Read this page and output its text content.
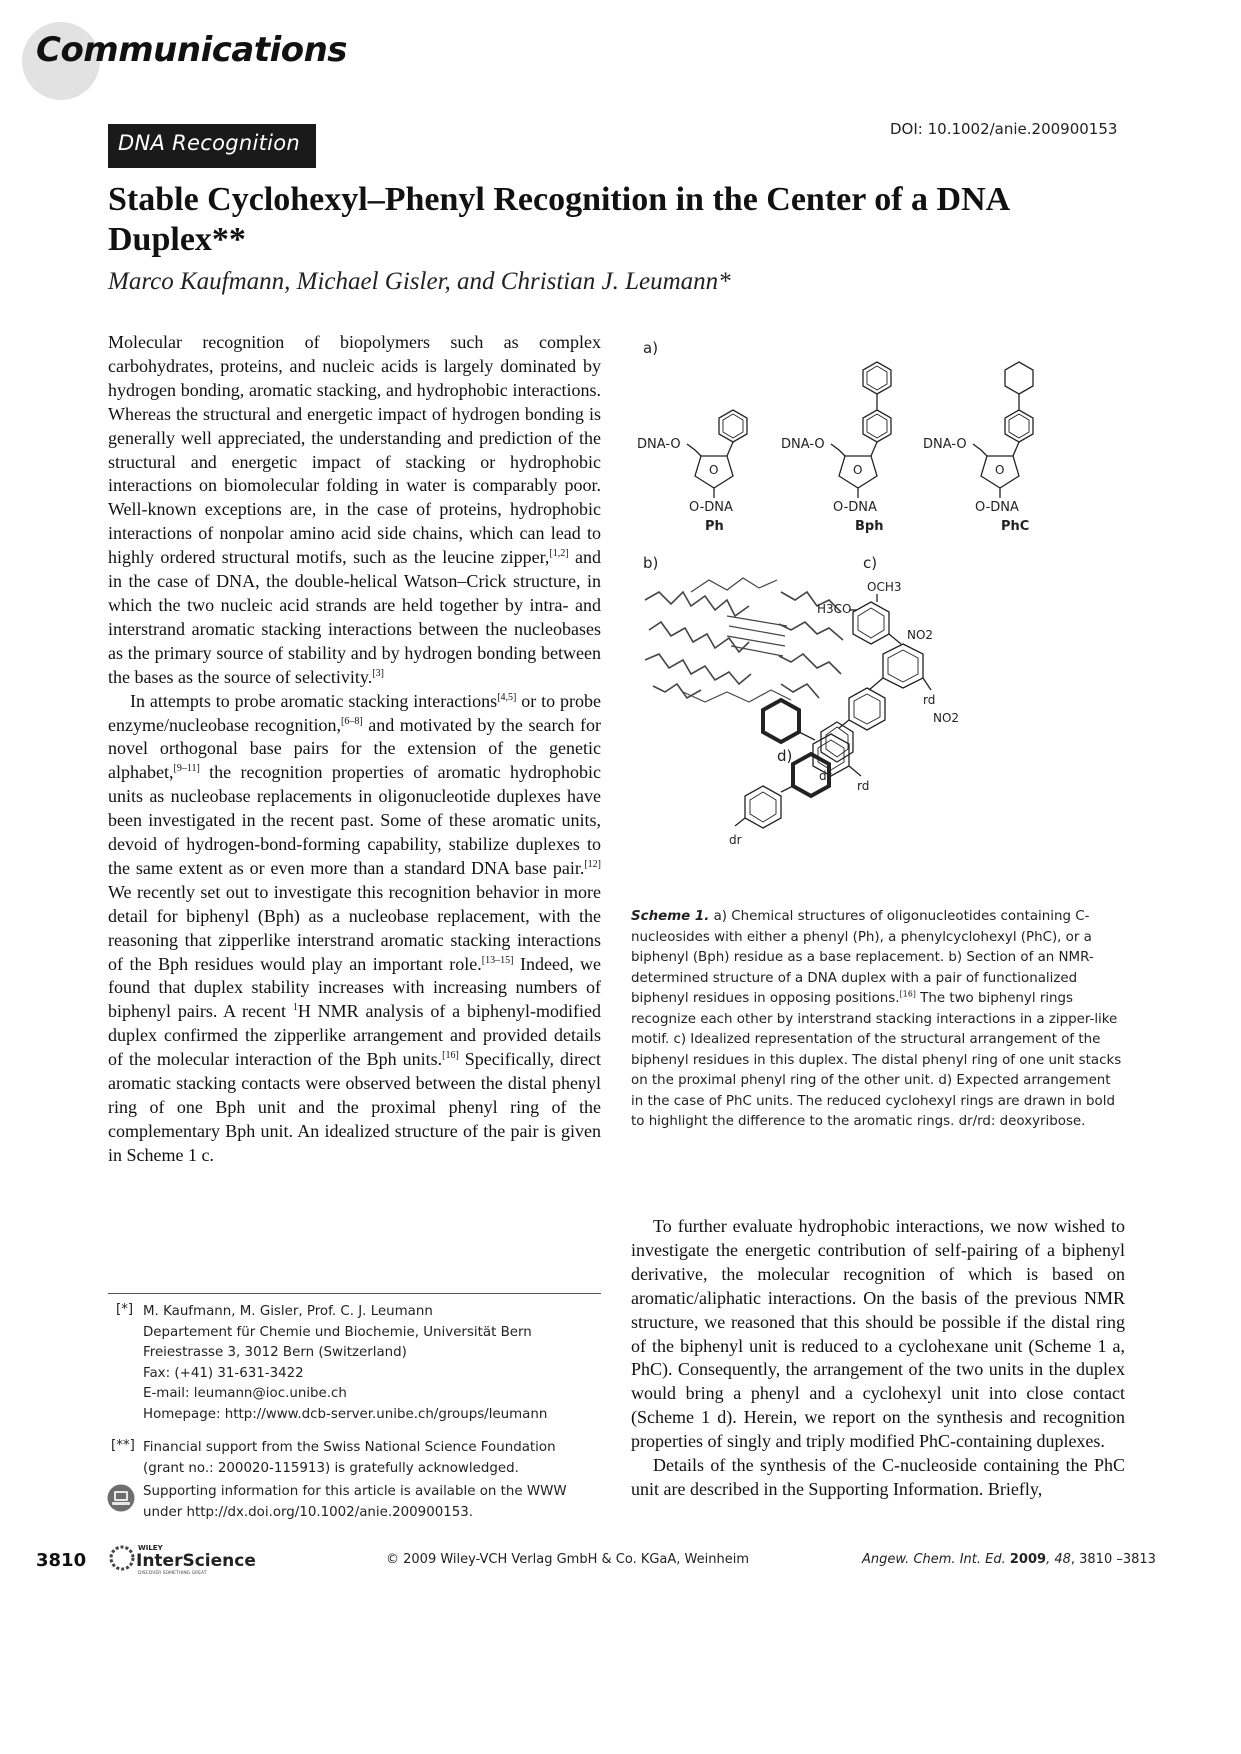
Communications
DNA Recognition
DOI: 10.1002/anie.200900153
Stable Cyclohexyl–Phenyl Recognition in the Center of a DNA Duplex**
Marco Kaufmann, Michael Gisler, and Christian J. Leumann*

Molecular recognition of biopolymers such as complex carbohydrates, proteins, and nucleic acids is largely dominated by hydrogen bonding, aromatic stacking, and hydrophobic interactions. Whereas the structural and energetic impact of hydrogen bonding is generally well appreciated, the understanding and prediction of the structural and energetic impact of stacking or hydrophobic interactions on biomolecular folding in water is comparably poor. Well-known exceptions are, in the case of proteins, hydrophobic interactions of nonpolar amino acid side chains, which can lead to highly ordered structural motifs, such as the leucine zipper,[1,2] and in the case of DNA, the double-helical Watson–Crick structure, in which the two nucleic acid strands are held together by intra- and interstrand aromatic stacking interactions between the nucleobases as the primary source of stability and by hydrogen bonding between the bases as the source of selectivity.[3]

In attempts to probe aromatic stacking interactions[4,5] or to probe enzyme/nucleobase recognition,[6–8] and motivated by the search for novel orthogonal base pairs for the extension of the genetic alphabet,[9–11] the recognition properties of aromatic hydrophobic units as nucleobase replacements in oligonucleotide duplexes have been investigated in the recent past. Some of these aromatic units, devoid of hydrogen-bond-forming capability, stabilize duplexes to the same extent as or even more than a standard DNA base pair.[12] We recently set out to investigate this recognition behavior in more detail for biphenyl (Bph) as a nucleobase replacement, with the reasoning that zipperlike interstrand aromatic stacking interactions of the Bph residues would play an important role.[13–15] Indeed, we found that duplex stability increases with increasing numbers of biphenyl pairs. A recent $^1$H NMR analysis of a biphenyl-modified duplex confirmed the zipperlike arrangement and provided details of the molecular interaction of the Bph units.[16] Specifically, direct aromatic stacking contacts were observed between the distal phenyl ring of one Bph unit and the proximal phenyl ring of the complementary Bph unit. An idealized structure of the pair is given in Scheme 1 c.

[*] M. Kaufmann, M. Gisler, Prof. C. J. Leumann
Departement für Chemie und Biochemie, Universität Bern
Freiestrasse 3, 3012 Bern (Switzerland)
Fax: (+41) 31-631-3422
E-mail: leumann@ioc.unibe.ch
Homepage: http://www.dcb-server.unibe.ch/groups/leumann
[**] Financial support from the Swiss National Science Foundation
(grant no.: 200020-115913) is gratefully acknowledged.
Supporting information for this article is available on the WWW
under http://dx.doi.org/10.1002/anie.200900153.
a)
b)	c)
d)
DNA-O
O
O-DNA
Ph
DNA-O
O
O-DNA
Bph
DNA-O
O
O-DNA
PhC
OCH3
H3CO
NO2
rd
NO2
dr
rd
dr
Scheme 1. a) Chemical structures of oligonucleotides containing C-nucleosides with either a phenyl (Ph), a phenylcyclohexyl (PhC), or a biphenyl (Bph) residue as a base replacement. b) Section of an NMR-determined structure of a DNA duplex with a pair of functionalized biphenyl residues in opposing positions.[16] The two biphenyl rings recognize each other by interstrand stacking interactions in a zipper-like motif. c) Idealized representation of the structural arrangement of the biphenyl residues in this duplex. The distal phenyl ring of one unit stacks on the proximal phenyl ring of the other unit. d) Expected arrangement in the case of PhC units. The reduced cyclohexyl rings are drawn in bold to highlight the difference to the aromatic rings. dr/rd: deoxyribose.

To further evaluate hydrophobic interactions, we now wished to investigate the energetic contribution of self-pairing of a biphenyl derivative, the molecular recognition of which is based on aromatic/aliphatic interactions. On the basis of the previous NMR structure, we reasoned that this should be possible if the distal ring of the biphenyl unit is reduced to a cyclohexane unit (Scheme 1 a, PhC). Consequently, the arrangement of the two units in the duplex would bring a phenyl and a cyclohexyl unit into close contact (Scheme 1 d). Herein, we report on the synthesis and recognition properties of singly and triply modified PhC-containing duplexes.

Details of the synthesis of the C-nucleoside containing the PhC unit are described in the Supporting Information. Briefly,

3810
WILEY
InterScience
DISCOVER SOMETHING GREAT
© 2009 Wiley-VCH Verlag GmbH & Co. KGaA, Weinheim	Angew. Chem. Int. Ed. 2009, 48, 3810 –3813
